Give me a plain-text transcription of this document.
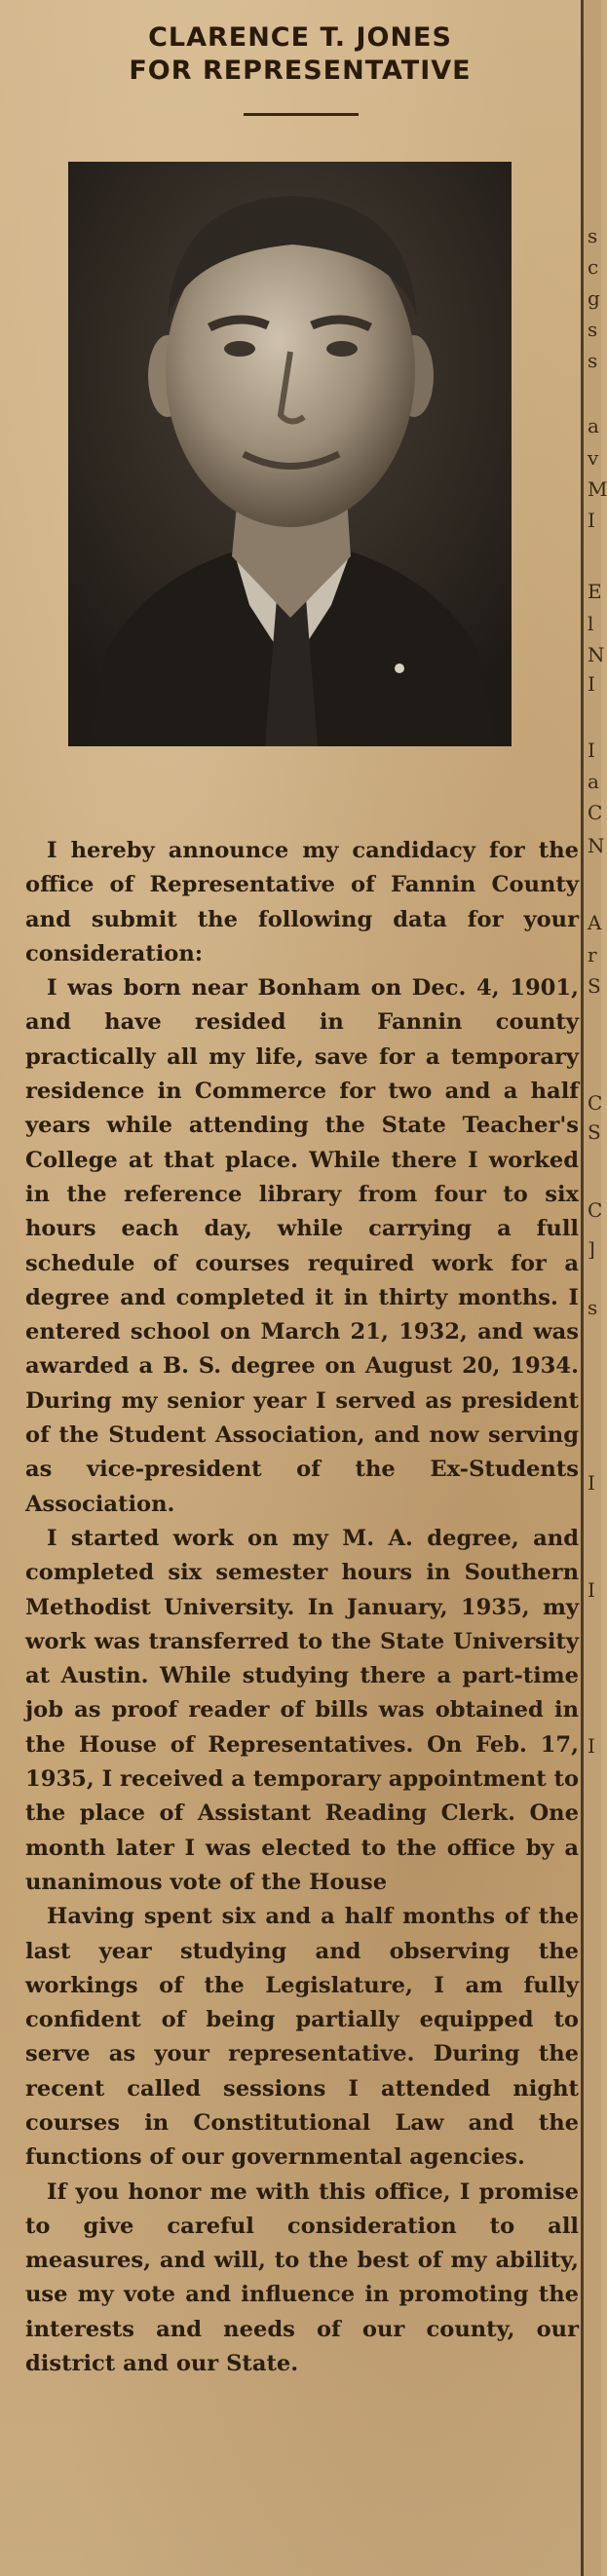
CLARENCE T. JONES
FOR REPRESENTATIVE

I hereby announce my candidacy for the office of Representative of Fannin County and submit the following data for your consideration:

I was born near Bonham on Dec. 4, 1901, and have resided in Fannin county practically all my life, save for a temporary residence in Commerce for two and a half years while attending the State Teacher's College at that place. While there I worked in the reference library from four to six hours each day, while carrying a full schedule of courses required work for a degree and completed it in thirty months. I entered school on March 21, 1932, and was awarded a B. S. degree on August 20, 1934. During my senior year I served as president of the Student Association, and now serving as vice-president of the Ex-Students Association.

I started work on my M. A. degree, and completed six semester hours in Southern Methodist University. In January, 1935, my work was transferred to the State University at Austin. While studying there a part-time job as proof reader of bills was obtained in the House of Representatives. On Feb. 17, 1935, I received a temporary appointment to the place of Assistant Reading Clerk. One month later I was elected to the office by a unanimous vote of the House

Having spent six and a half months of the last year studying and observing the workings of the Legislature, I am fully confident of being partially equipped to serve as your representative. During the recent called sessions I attended night courses in Constitutional Law and the functions of our governmental agencies.

If you honor me with this office, I promise to give careful consideration to all measures, and will, to the best of my ability, use my vote and influence in promoting the interests and needs of our county, our district and our State.

s
c
g
s
s
a
v
M
I
E
l
N
I
I
a
C
N
A
r
S
C
S
C
]
s
I
I
I
